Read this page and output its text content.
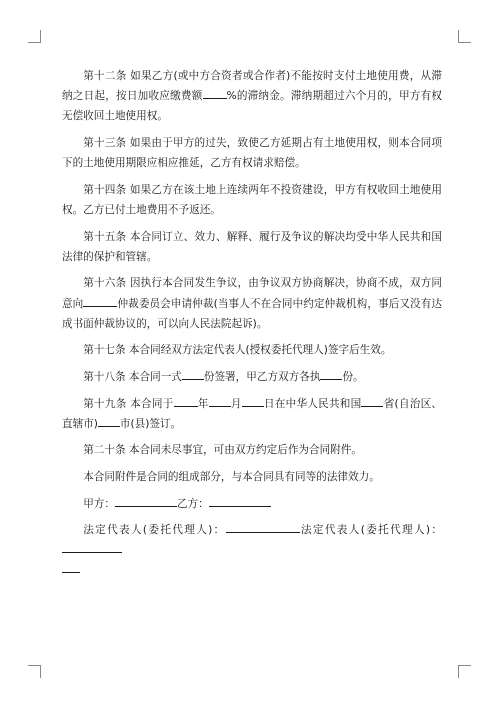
第十二条 如果乙方(或中方合资者或合作者)不能按时支付土地使用费，从滞纳之日起，按日加收应缴费额 %的滞纳金。滞纳期超过六个月的，甲方有权无偿收回土地使用权。

第十三条 如果由于甲方的过失，致使乙方延期占有土地使用权，则本合同项下的土地使用期限应相应推延，乙方有权请求赔偿。

第十四条 如果乙方在该土地上连续两年不投资建设，甲方有权收回土地使用权。乙方已付土地费用不予返还。

第十五条 本合同订立、效力、解释、履行及争议的解决均受中华人民共和国法律的保护和管辖。

第十六条 因执行本合同发生争议，由争议双方协商解决，协商不成，双方同意向	仲裁委员会申请仲裁(当事人不在合同中约定仲裁机构，事后又没有达成书面仲裁协议的，可以向人民法院起诉)。

第十七条 本合同经双方法定代表人(授权委托代理人)签字后生效。

第十八条 本合同一式 份签署，甲乙方双方各执 份。

第十九条 本合同于 年 月 日在中华人民共和国 省(自治区、直辖市) 市(县)签订。

第二十条 本合同未尽事宜，可由双方约定后作为合同附件。

本合同附件是合同的组成部分，与本合同具有同等的法律效力。

甲方：	乙方：

法定代表人(委托代理人)：	法定代表人(委托代理人)：
